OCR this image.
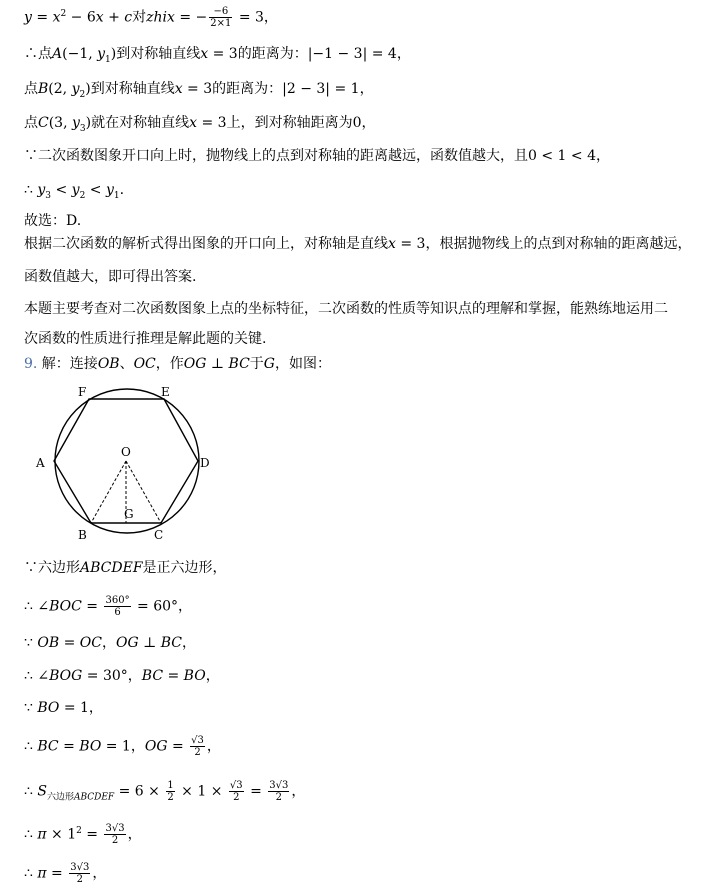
$y = x^2 - 6x + c$对zhix = − $\frac{-6}{2\times 1} = 3$，
∴点A(−1, $y_1$)到对称轴直线x = 3的距离为：|−1 − 3| = 4，
点B(2, $y_2$)到对称轴直线x = 3的距离为：|2 − 3| = 1，
点C(3, $y_3$)就在对称轴直线x = 3上，到对称轴距离为0，
∵二次函数图象开口向上时，抛物线上的点到对称轴的距离越远，函数值越大，且0 < 1 < 4，
∴ $y_3 < y_2 < y_1$.
故选：D.
根据二次函数的解析式得出图象的开口向上，对称轴是直线x = 3，根据抛物线上的点到对称轴的距离越远，
函数值越大，即可得出答案.
本题主要考查对二次函数图象上点的坐标特征，二次函数的性质等知识点的理解和掌握，能熟练地运用二
次函数的性质进行推理是解此题的关键.
9. 解：连接OB、OC，作OG ⊥ BC于G，如图：
A
B	C
D
E
F
O
G
∵六边形ABCDEF是正六边形，
∴ ∠BOC = $\frac{360^\circ}{6} = 60^\circ$，
∵ OB = OC，OG ⊥ BC，
∴ ∠BOG = 30°，BC = BO，
∵ BO = 1，
∴ BC = BO = 1，OG = $\frac{√3}{2}$ ，
∴ $S_{六边形ABCDEF} = 6 \times \frac{1}{2} \times 1 \times \frac{√3}{2} = \frac{3√3}{2}$ ，
∴ $\pi \times 1^2 = \frac{3√3}{2}$ ，
∴ $\pi = \frac{3√3}{2}$ ，
